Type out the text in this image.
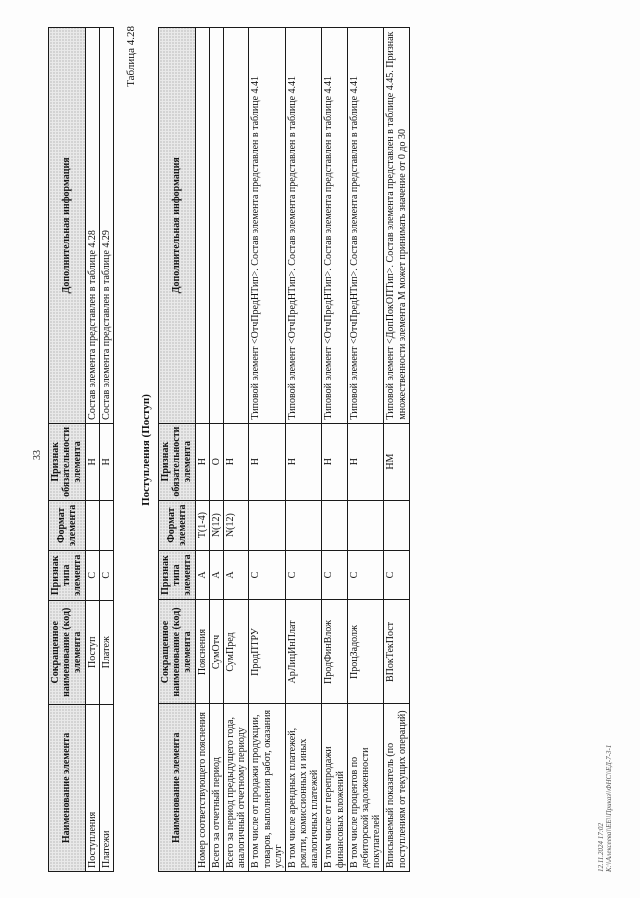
33
Наименование элемента	Сокращенное наименование (код) элемента	Признак типа элемента	Формат элемента	Признак обязательности элемента	Дополнительная информация
Поступления	Поступ	С		Н	Состав элемента представлен в таблице 4.28
Платежи	Платеж	С		Н	Состав элемента представлен в таблице 4.29
Таблица 4.28
Поступления (Поступ)
Наименование элемента	Сокращенное наименование (код) элемента	Признак типа элемента	Формат элемента	Признак обязательности элемента	Дополнительная информация
Номер соответствующего пояснения	Пояснения	А	T(1-4)	Н	
Всего за отчетный период	СумОтч	А	N(12)	О	
Всего за период предыдущего года, аналогичный отчетному периоду	СумПред	А	N(12)	Н	
В том числе от продажи продукции, товаров, выполнения работ, оказания услуг	ПродПТРУ	С		Н	Типовой элемент <ОтчПредНТип>. Состав элемента представлен в таблице 4.41
В том числе арендных платежей, роялти, комиссионных и иных аналогичных платежей	АрЛицИнПлат	С		Н	Типовой элемент <ОтчПредНТип>. Состав элемента представлен в таблице 4.41
В том числе от перепродажи финансовых вложений	ПродФинВлож	С		Н	Типовой элемент <ОтчПредНТип>. Состав элемента представлен в таблице 4.41
В том числе процентов по дебиторской задолженности покупателей	ПроцЗадолж	С		Н	Типовой элемент <ОтчПредНТип>. Состав элемента представлен в таблице 4.41
Вписываемый показатель (по поступлениям от текущих операций)	ВПокТекПост	С		НМ	Типовой элемент <ДопПокОПТип>. Состав элемента представлен в таблице 4.45. Признак множественности элемента М может принимать значение от 0 до 30
12.11.2024 17:02 К:\\Алексеева\\ЕЕ\\Приказ\\ФНС\\ЕД-7-3-1
